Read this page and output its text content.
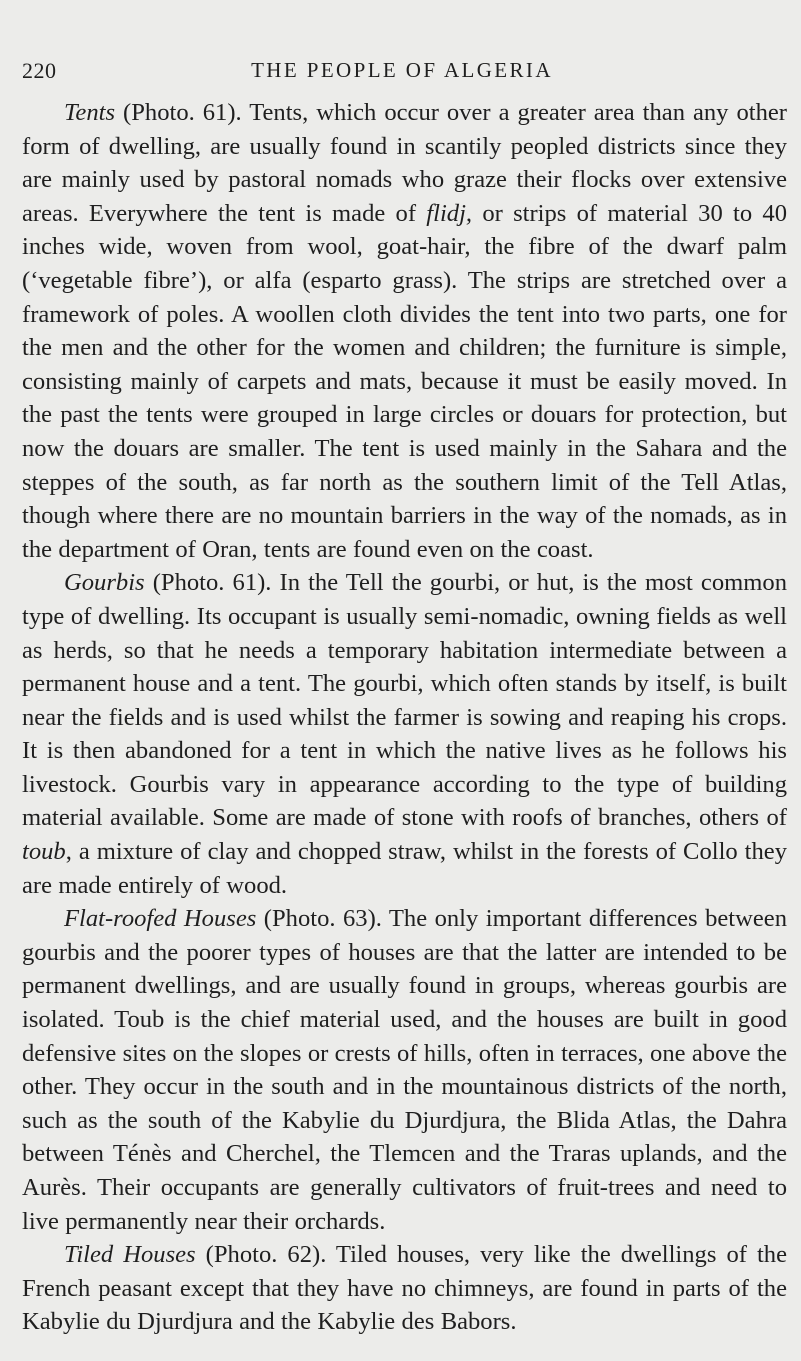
220	THE PEOPLE OF ALGERIA

Tents (Photo. 61). Tents, which occur over a greater area than any other form of dwelling, are usually found in scantily peopled districts since they are mainly used by pastoral nomads who graze their flocks over extensive areas. Everywhere the tent is made of flidj, or strips of material 30 to 40 inches wide, woven from wool, goat-hair, the fibre of the dwarf palm (‘vegetable fibre’), or alfa (esparto grass). The strips are stretched over a framework of poles. A woollen cloth divides the tent into two parts, one for the men and the other for the women and children; the furniture is simple, consisting mainly of carpets and mats, because it must be easily moved. In the past the tents were grouped in large circles or douars for protection, but now the douars are smaller. The tent is used mainly in the Sahara and the steppes of the south, as far north as the southern limit of the Tell Atlas, though where there are no mountain barriers in the way of the nomads, as in the department of Oran, tents are found even on the coast.

Gourbis (Photo. 61). In the Tell the gourbi, or hut, is the most common type of dwelling. Its occupant is usually semi-nomadic, owning fields as well as herds, so that he needs a temporary habitation intermediate between a permanent house and a tent. The gourbi, which often stands by itself, is built near the fields and is used whilst the farmer is sowing and reaping his crops. It is then abandoned for a tent in which the native lives as he follows his livestock. Gourbis vary in appearance according to the type of building material available. Some are made of stone with roofs of branches, others of toub, a mixture of clay and chopped straw, whilst in the forests of Collo they are made entirely of wood.

Flat-roofed Houses (Photo. 63). The only important differences between gourbis and the poorer types of houses are that the latter are intended to be permanent dwellings, and are usually found in groups, whereas gourbis are isolated. Toub is the chief material used, and the houses are built in good defensive sites on the slopes or crests of hills, often in terraces, one above the other. They occur in the south and in the mountainous districts of the north, such as the south of the Kabylie du Djurdjura, the Blida Atlas, the Dahra between Ténès and Cherchel, the Tlemcen and the Traras uplands, and the Aurès. Their occupants are generally cultivators of fruit-trees and need to live permanently near their orchards.

Tiled Houses (Photo. 62). Tiled houses, very like the dwellings of the French peasant except that they have no chimneys, are found in parts of the Kabylie du Djurdjura and the Kabylie des Babors.
